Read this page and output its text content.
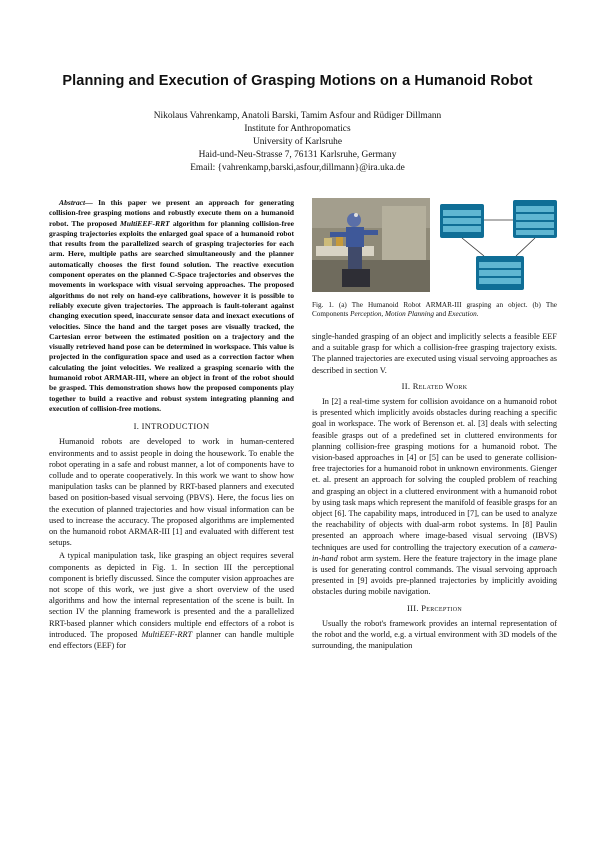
Planning and Execution of Grasping Motions on a Humanoid Robot
Nikolaus Vahrenkamp, Anatoli Barski, Tamim Asfour and Rüdiger Dillmann
Institute for Anthropomatics
University of Karlsruhe
Haid-und-Neu-Strasse 7, 76131 Karlsruhe, Germany
Email: {vahrenkamp,barski,asfour,dillmann}@ira.uka.de

Abstract— In this paper we present an approach for generating collision-free grasping motions and robustly execute them on a humanoid robot. The proposed MultiEEF-RRT algorithm for planning collision-free grasping trajectories exploits the enlarged goal space of a humanoid robot that results from the parallelized search of grasping trajectories for each arm. Here, multiple paths are searched simultaneously and the planner automatically chooses the first found solution. The reactive execution component operates on the planned C-Space trajectories and observes the movements in workspace with visual servoing approaches. The proposed algorithms do not rely on hand-eye calibrations, however it is possible to reliably execute given trajectories. The approach is fault-tolerant against changing execution speed, inaccurate sensor data and inexact executions of velocities. Since the hand and the target poses are visually tracked, the Cartesian error between the estimated position on a trajectory and the visually retrieved hand pose can be determined in workspace. This value is projected in the configuration space and used as a correction factor when calculating the joint velocities. We realized a grasping scenario with the humanoid robot ARMAR-III, where an object in front of the robot should be grasped. This demonstration shows how the proposed components play together to build a reactive and robust system integrating planning and execution of collision-free motions.

I. INTRODUCTION

Humanoid robots are developed to work in human-centered environments and to assist people in doing the housework. To enable the robot operating in a safe and robust manner, a lot of components have to collude and to operate cooperatively. In this work we want to show how manipulation tasks can be planned by RRT-based planners and executed based on position-based visual servoing (PBVS). Here, the focus lies on the execution of planned trajectories and how visual information can be used to increase the accuracy. The proposed algorithms are implemented on the humanoid robot ARMAR-III [1] and evaluated with different test setups.

A typical manipulation task, like grasping an object requires several components as depicted in Fig. 1. In section III the perceptional component is briefly discussed. Since the computer vision approaches are not scope of this work, we just give a short overview of the used algorithms and how the internal representation of the scene is built. In section IV the planning framework is presented and the a parallelized RRT-based planner which considers multiple end effectors of a robot is introduced. The proposed MultiEEF-RRT planner can handle multiple end effectors (EEF) for

Fig. 1. (a) The Humanoid Robot ARMAR-III grasping an object. (b) The Components Perception, Motion Planning and Execution.

single-handed grasping of an object and implicitly selects a feasible EEF and a suitable grasp for which a collision-free grasping trajectory exists. The planned trajectories are executed using visual servoing approaches as described in section V.

II. Related Work

In [2] a real-time system for collision avoidance on a humanoid robot is presented which implicitly avoids obstacles during reaching a specific goal in workspace. The work of Berenson et. al. [3] deals with selecting feasible grasps out of a predefined set in cluttered environments for planning collision-free grasping motions for a humanoid robot. The vision-based approaches in [4] or [5] can be used to generate collision-free trajectories for a humanoid robot in unknown environments. Gienger et. al. present an approach for solving the coupled problem of reaching and grasping an object in a cluttered environment with a humanoid robot by using task maps which represent the manifold of feasible grasps for an object [6]. The capability maps, introduced in [7], can be used to analyze the reachability of objects with dual-arm robot systems. In [8] Paulin presented an approach where image-based visual servoing (IBVS) techniques are used for controlling the trajectory execution of a camera-in-hand robot arm system. Here the feature trajectory in the image plane is used for generating control commands. The visual servoing approach presented in [9] avoids pre-planned trajectories by implicitly avoiding obstacles during mobile navigation.

III. Perception

Usually the robot's framework provides an internal representation of the robot and the world, e.g. a virtual environment with 3D models of the surrounding, the manipulation
